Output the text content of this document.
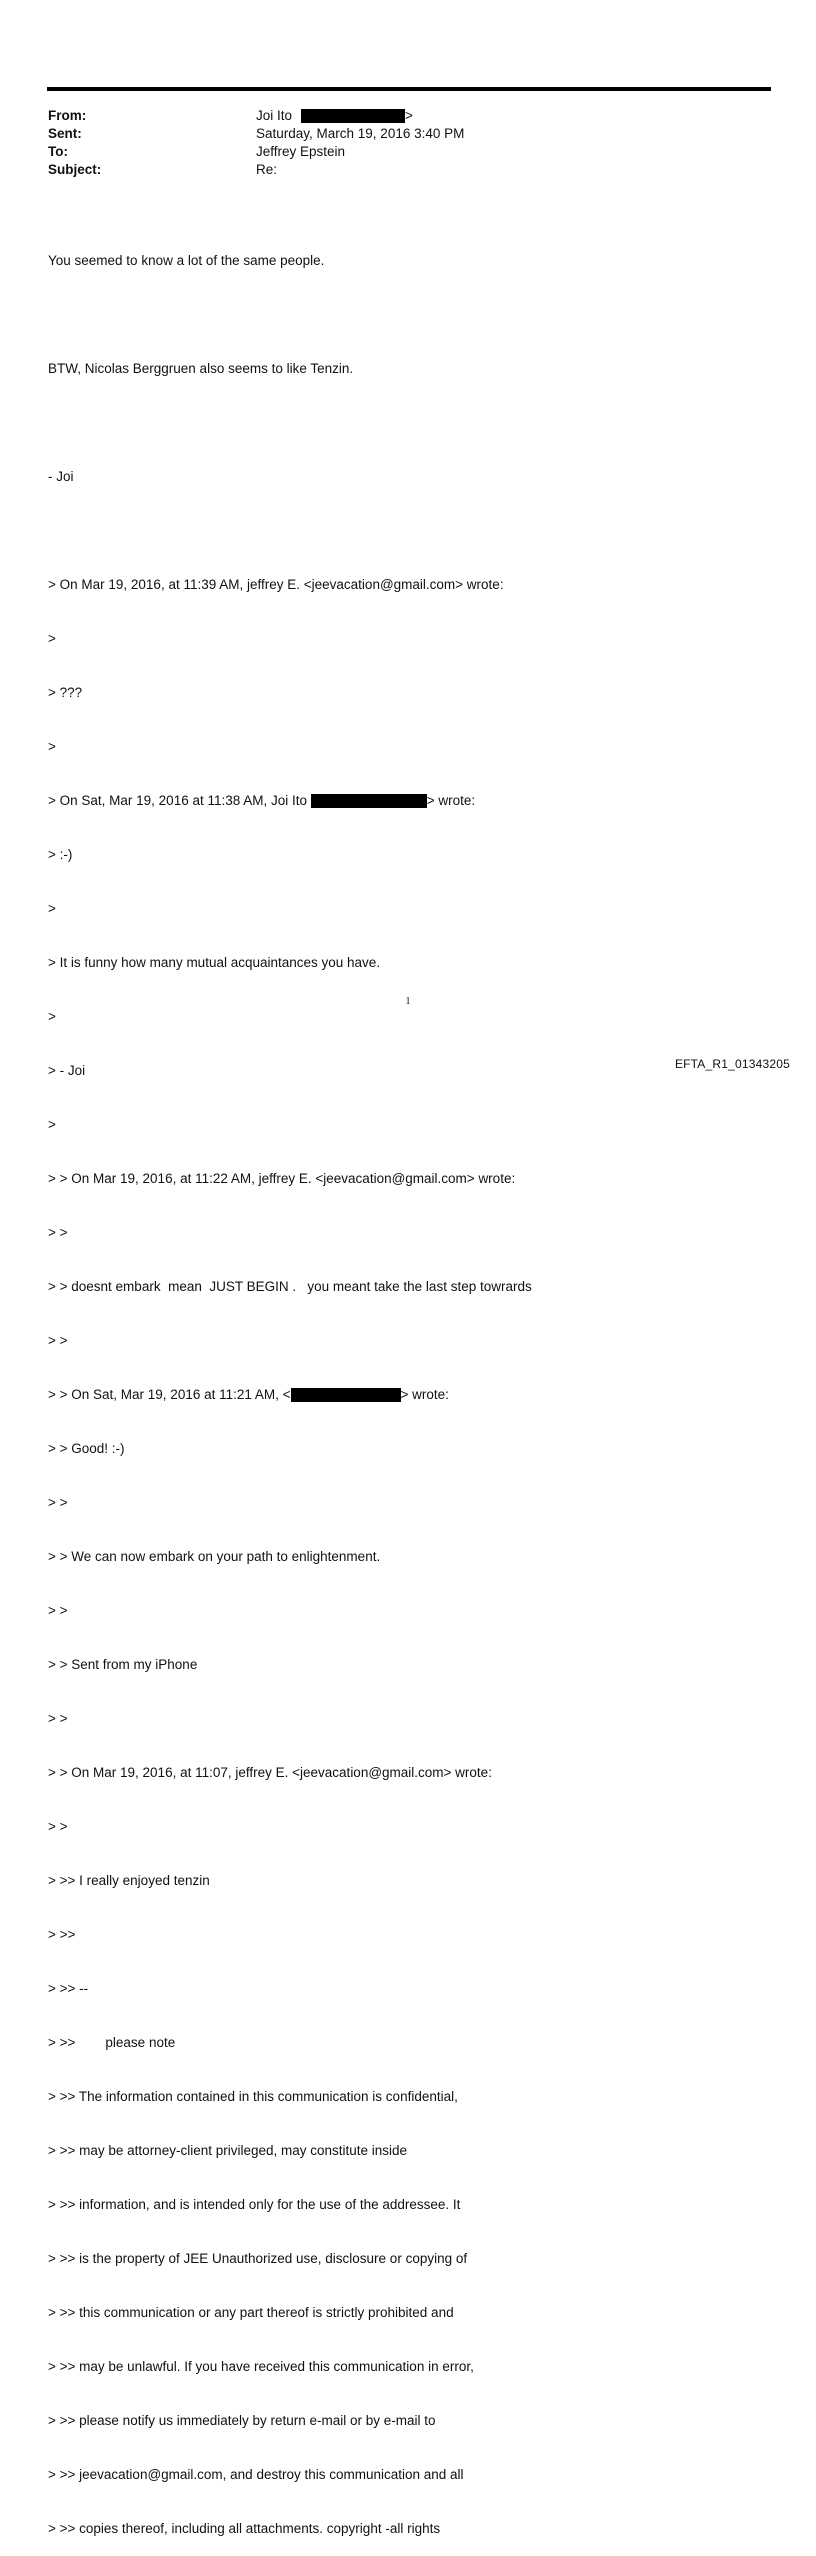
From:	Joi Ito	>
Sent:	Saturday, March 19, 2016 3:40 PM
To:	Jeffrey Epstein
Subject:	Re:

You seemed to know a lot of the same people.

BTW, Nicolas Berggruen also seems to like Tenzin.

- Joi

> On Mar 19, 2016, at 11:39 AM, jeffrey E. <jeevacation@gmail.com> wrote:

>

> ???

>

> On Sat, Mar 19, 2016 at 11:38 AM, Joi Ito	> wrote:

> :-)

>

> It is funny how many mutual acquaintances you have.

>

> - Joi

>

> > On Mar 19, 2016, at 11:22 AM, jeffrey E. <jeevacation@gmail.com> wrote:

> >

> > doesnt embark  mean  JUST BEGIN .   you meant take the last step towrards

> >

> > On Sat, Mar 19, 2016 at 11:21 AM, <	> wrote:

> > Good! :-)

> >

> > We can now embark on your path to enlightenment.

> >

> > Sent from my iPhone

> >

> > On Mar 19, 2016, at 11:07, jeffrey E. <jeevacation@gmail.com> wrote:

> >

> >> I really enjoyed tenzin

> >>

> >> --

> >>        please note

> >> The information contained in this communication is confidential,

> >> may be attorney-client privileged, may constitute inside

> >> information, and is intended only for the use of the addressee. It

> >> is the property of JEE Unauthorized use, disclosure or copying of

> >> this communication or any part thereof is strictly prohibited and

> >> may be unlawful. If you have received this communication in error,

> >> please notify us immediately by return e-mail or by e-mail to

> >> jeevacation@gmail.com, and destroy this communication and all

> >> copies thereof, including all attachments. copyright -all rights

1
EFTA_R1_01343205
